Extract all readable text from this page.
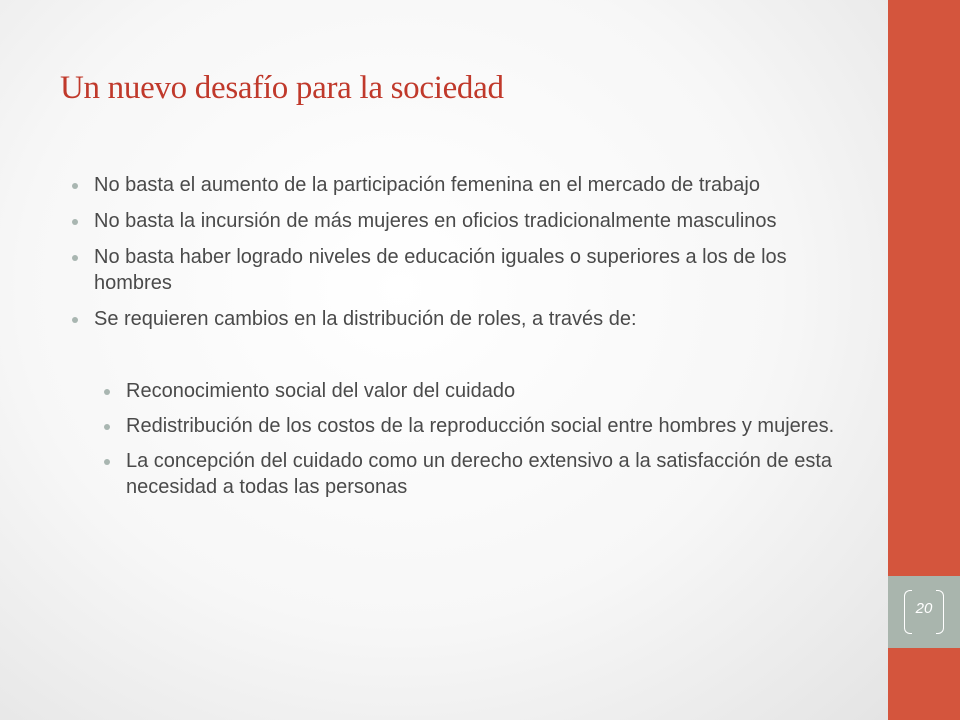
Un nuevo desafío para la sociedad
No basta el aumento de la participación femenina en el mercado de trabajo
No basta la incursión de más mujeres en oficios tradicionalmente masculinos
No basta haber logrado niveles de educación iguales o superiores a los de los hombres
Se requieren cambios en la distribución de roles, a través de:
Reconocimiento social del valor del cuidado
Redistribución de los costos de la reproducción social entre hombres y mujeres.
La concepción del cuidado como un derecho extensivo a la satisfacción de esta necesidad a todas las personas
20
